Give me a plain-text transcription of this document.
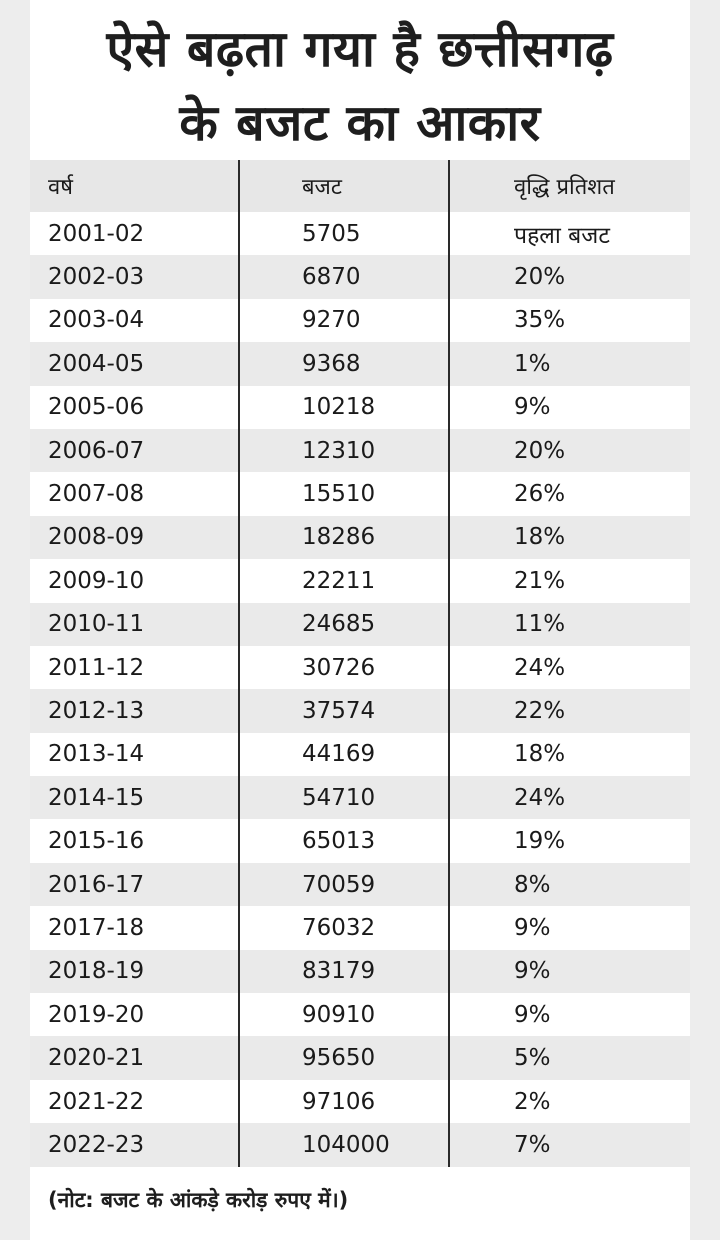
ऐसे बढ़ता गया है छत्तीसगढ़
के बजट का आकार
वर्ष	बजट	वृद्धि प्रतिशत
2001-02	5705	पहला बजट
2002-03	6870	20%
2003-04	9270	35%
2004-05	9368	1%
2005-06	10218	9%
2006-07	12310	20%
2007-08	15510	26%
2008-09	18286	18%
2009-10	22211	21%
2010-11	24685	11%
2011-12	30726	24%
2012-13	37574	22%
2013-14	44169	18%
2014-15	54710	24%
2015-16	65013	19%
2016-17	70059	8%
2017-18	76032	9%
2018-19	83179	9%
2019-20	90910	9%
2020-21	95650	5%
2021-22	97106	2%
2022-23	104000	7%
(नोट: बजट के आंकड़े करोड़ रुपए में।)
